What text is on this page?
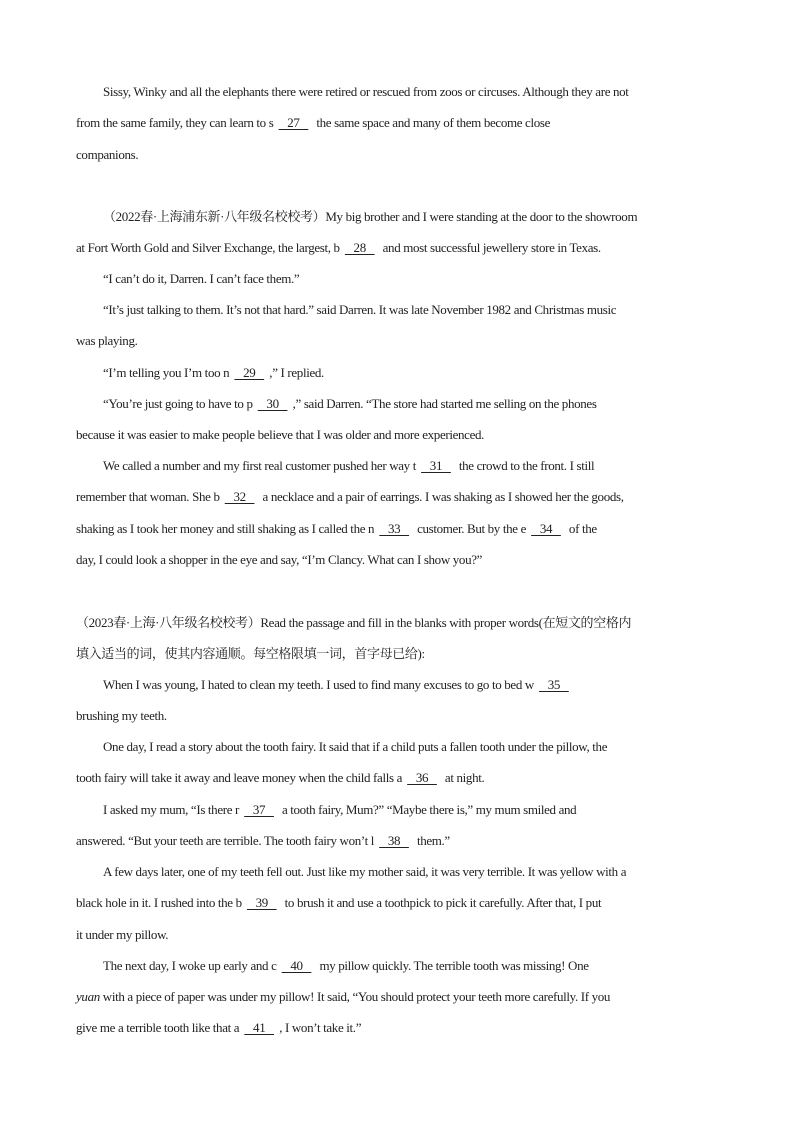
Sissy, Winky and all the elephants there were retired or rescued from zoos or circuses. Although they are not
from the same family, they can learn to s   27    the same space and many of them become close
companions.
（2022春·上海浦东新·八年级名校校考）My big brother and I were standing at the door to the showroom
at Fort Worth Gold and Silver Exchange, the largest, b   28    and most successful jewellery store in Texas.
“I can’t do it, Darren. I can’t face them.”
“It’s just talking to them. It’s not that hard.” said Darren. It was late November 1982 and Christmas music
was playing.
“I’m telling you I’m too n   29   ,” I replied.
“You’re just going to have to p   30   ,” said Darren. “The store had started me selling on the phones
because it was easier to make people believe that I was older and more experienced.
We called a number and my first real customer pushed her way t   31    the crowd to the front. I still
remember that woman. She b   32    a necklace and a pair of earrings. I was shaking as I showed her the goods,
shaking as I took her money and still shaking as I called the n   33    customer. But by the e   34    of the
day, I could look a shopper in the eye and say, “I’m Clancy. What can I show you?”
（2023春·上海·八年级名校校考）Read the passage and fill in the blanks with proper words(在短文的空格内
填入适当的词，使其内容通顺。每空格限填一词，首字母已给):
When I was young, I hated to clean my teeth. I used to find many excuses to go to bed w   35
brushing my teeth.
One day, I read a story about the tooth fairy. It said that if a child puts a fallen tooth under the pillow, the
tooth fairy will take it away and leave money when the child falls a   36    at night.
I asked my mum, “Is there r   37    a tooth fairy, Mum?” “Maybe there is,” my mum smiled and
answered. “But your teeth are terrible. The tooth fairy won’t l   38    them.”
A few days later, one of my teeth fell out. Just like my mother said, it was very terrible. It was yellow with a
black hole in it. I rushed into the b   39    to brush it and use a toothpick to pick it carefully. After that, I put
it under my pillow.
The next day, I woke up early and c   40    my pillow quickly. The terrible tooth was missing! One
yuan with a piece of paper was under my pillow! It said, “You should protect your teeth more carefully. If you
give me a terrible tooth like that a   41   , I won’t take it.”
